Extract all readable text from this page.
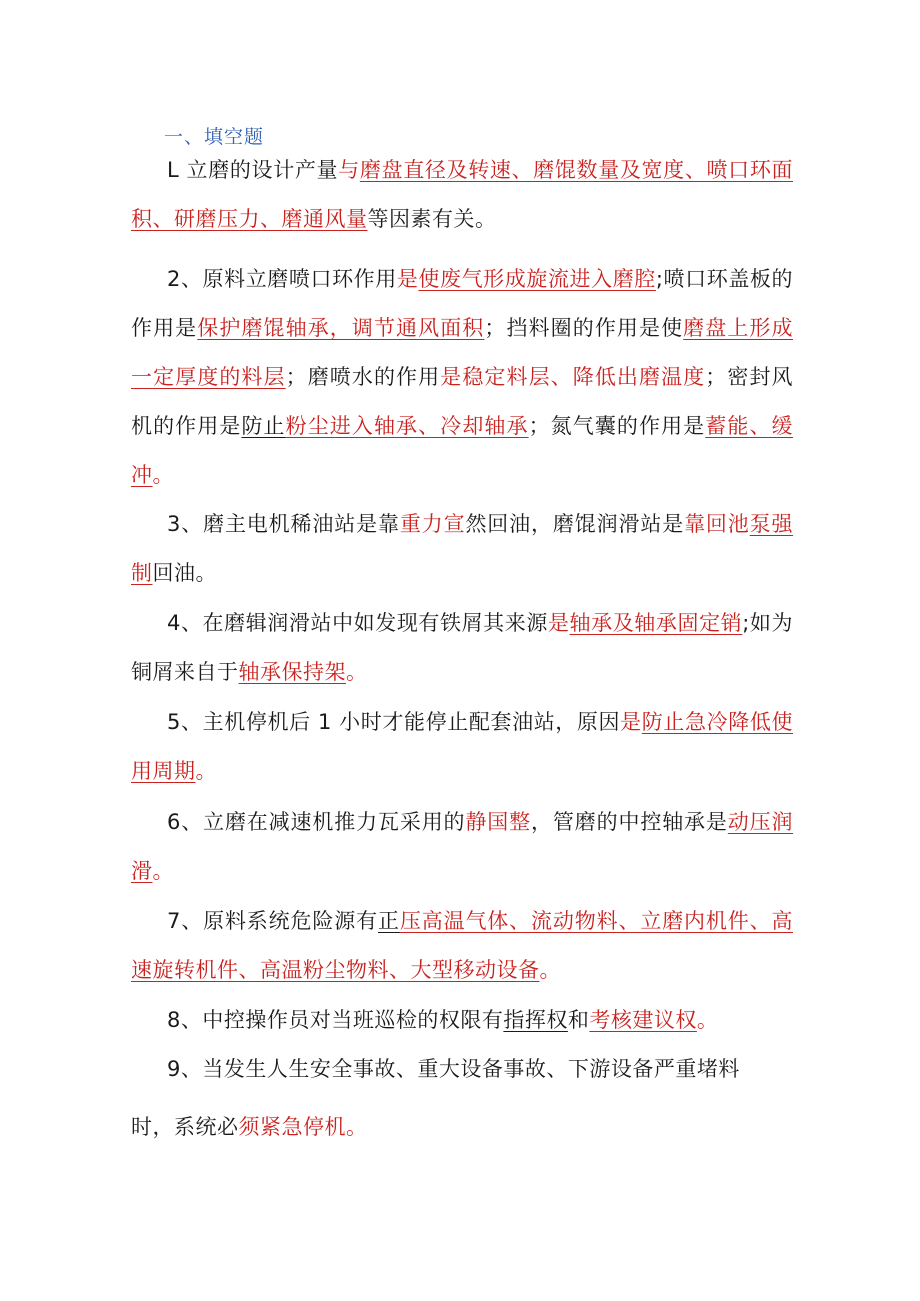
一、填空题

L 立磨的设计产量与磨盘直径及转速、磨馄数量及宽度、喷口环面积、研磨压力、磨通风量等因素有关。

2、原料立磨喷口环作用是使废气形成旋流进入磨腔;喷口环盖板的作用是保护磨馄轴承，调节通风面积；挡料圈的作用是使磨盘上形成一定厚度的料层；磨喷水的作用是稳定料层、降低出磨温度；密封风机的作用是防止粉尘进入轴承、冷却轴承；氮气囊的作用是蓄能、缓冲。

3、磨主电机稀油站是靠重力宣然回油，磨馄润滑站是靠回池泵强制回油。

4、在磨辑润滑站中如发现有铁屑其来源是轴承及轴承固定销;如为铜屑来自于轴承保持架。

5、主机停机后 1 小时才能停止配套油站，原因是防止急冷降低使用周期。

6、立磨在减速机推力瓦采用的静国整，管磨的中控轴承是动压润滑。

7、原料系统危险源有正压高温气体、流动物料、立磨内机件、高速旋转机件、高温粉尘物料、大型移动设备。

8、中控操作员对当班巡检的权限有指挥权和考核建议权。

9、当发生人生安全事故、重大设备事故、下游设备严重堵料
时，系统必须紧急停机。
